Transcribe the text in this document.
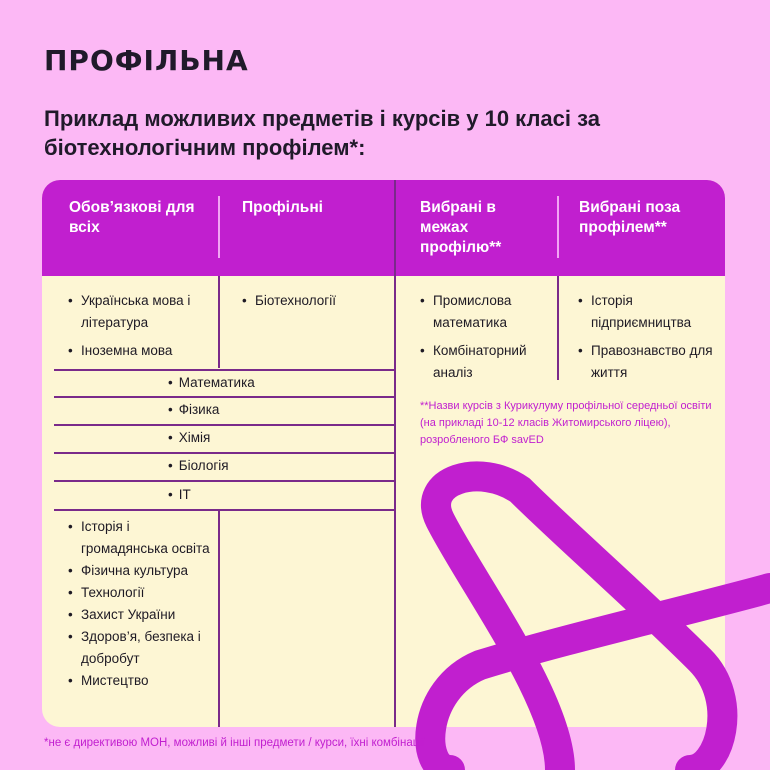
ПРОФІЛЬНА
Приклад можливих предметів і курсів у 10 класі за біотехнологічним профілем*:
Обов’язкові для всіх
Профільні	Вибрані в межах профілю**
Вибрані поза профілем**
• Українська мова і література
• Іноземна мова
• Біотехнології
•	Промислова математика
• Комбінаторний аналіз
• Історія підприємництва
• Правознавство для життя
• Математика
• Фізика
• Хімія
• Біологія
• ІТ
• Історія і громадянська освіта
• Фізична культура
• Технології
• Захист України
• Здоров’я, безпека і добробут
• Мистецтво
**Назви курсів з Курикулуму профільної середньої освіти (на прикладі 10-12 класів Житомирського ліцею), розробленого БФ savED
*не є директивою МОН, можливі й інші предмети / курси, їхні комбінації
